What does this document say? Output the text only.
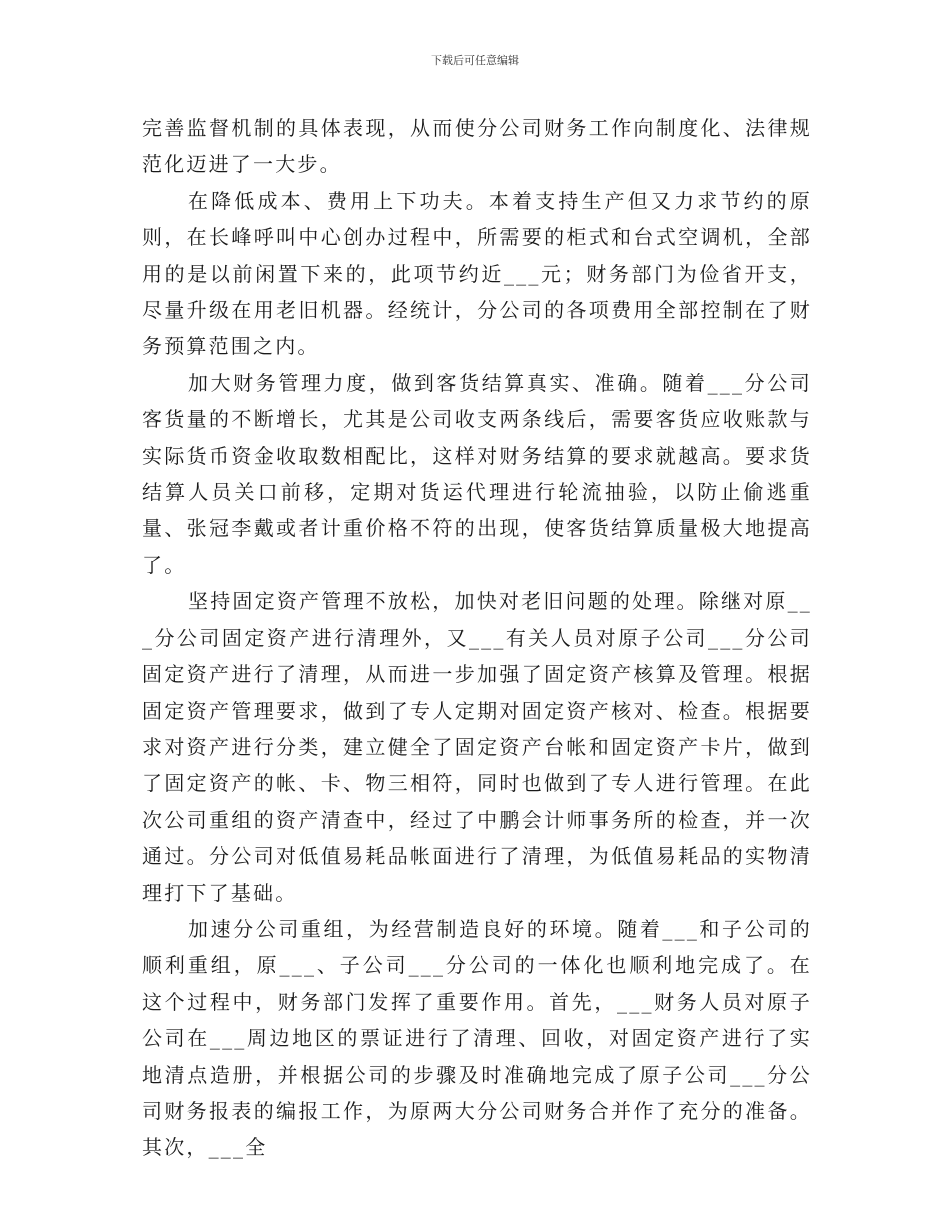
下载后可任意编辑

完善监督机制的具体表现，从而使分公司财务工作向制度化、法律规范化迈进了一大步。

在降低成本、费用上下功夫。本着支持生产但又力求节约的原则，在长峰呼叫中心创办过程中，所需要的柜式和台式空调机，全部用的是以前闲置下来的，此项节约近___元；财务部门为俭省开支，尽量升级在用老旧机器。经统计，分公司的各项费用全部控制在了财务预算范围之内。

加大财务管理力度，做到客货结算真实、准确。随着___分公司客货量的不断增长，尤其是公司收支两条线后，需要客货应收账款与实际货币资金收取数相配比，这样对财务结算的要求就越高。要求货结算人员关口前移，定期对货运代理进行轮流抽验，以防止偷逃重量、张冠李戴或者计重价格不符的出现，使客货结算质量极大地提高了。

坚持固定资产管理不放松，加快对老旧问题的处理。除继对原___分公司固定资产进行清理外，又___有关人员对原子公司___分公司固定资产进行了清理，从而进一步加强了固定资产核算及管理。根据固定资产管理要求，做到了专人定期对固定资产核对、检查。根据要求对资产进行分类，建立健全了固定资产台帐和固定资产卡片，做到了固定资产的帐、卡、物三相符，同时也做到了专人进行管理。在此次公司重组的资产清查中，经过了中鹏会计师事务所的检查，并一次通过。分公司对低值易耗品帐面进行了清理，为低值易耗品的实物清理打下了基础。

加速分公司重组，为经营制造良好的环境。随着___和子公司的顺利重组，原___、子公司___分公司的一体化也顺利地完成了。在这个过程中，财务部门发挥了重要作用。首先，___财务人员对原子公司在___周边地区的票证进行了清理、回收，对固定资产进行了实地清点造册，并根据公司的步骤及时准确地完成了原子公司___分公司财务报表的编报工作，为原两大分公司财务合并作了充分的准备。其次，___全
